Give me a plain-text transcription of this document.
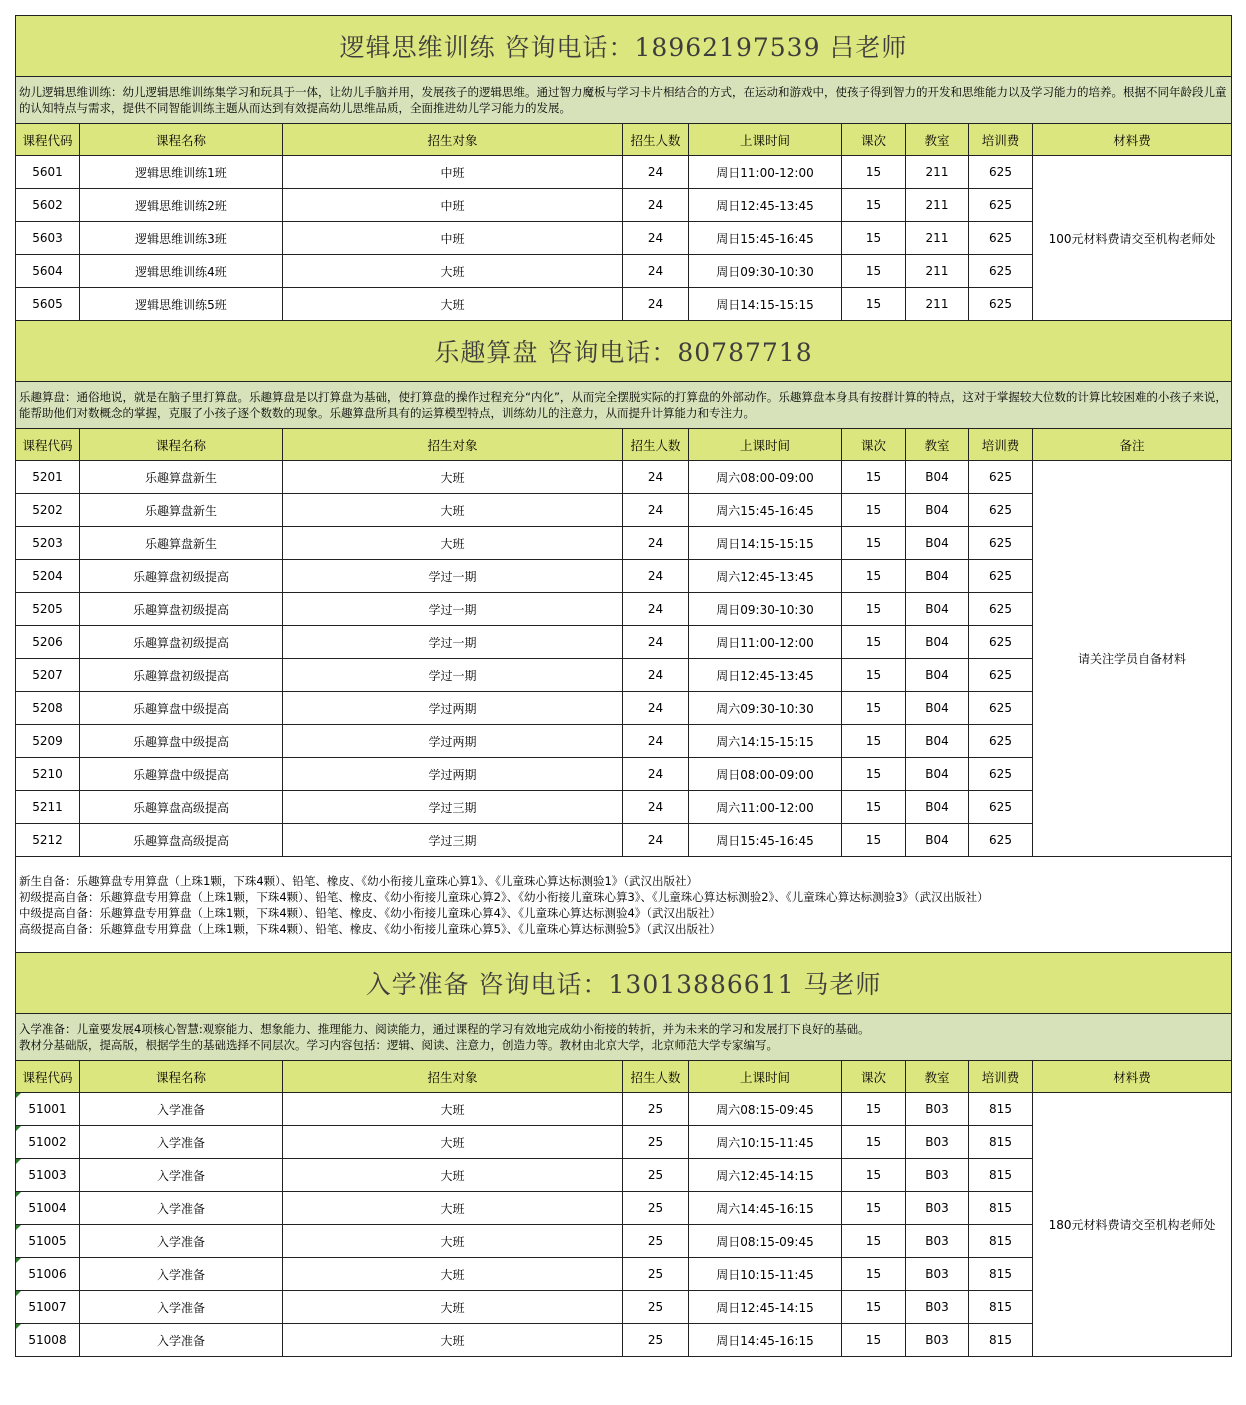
逻辑思维训练 咨询电话：18962197539 吕老师								
幼儿逻辑思维训练：幼儿逻辑思维训练集学习和玩具于一体，让幼儿手脑并用，发展孩子的逻辑思维。通过智力魔板与学习卡片相结合的方式，在运动和游戏中，使孩子得到智力的开发和思维能力以及学习能力的培养。根据不同年龄段儿童的认知特点与需求，提供不同智能训练主题从而达到有效提高幼儿思维品质，全面推进幼儿学习能力的发展。								
课程代码	课程名称	招生对象	招生人数	上课时间	课次	教室	培训费	材料费
5601	逻辑思维训练1班	中班	24	周日11:00-12:00	15	211	625	100元材料费请交至机构老师处
5602	逻辑思维训练2班	中班	24	周日12:45-13:45	15	211	625	
5603	逻辑思维训练3班	中班	24	周日15:45-16:45	15	211	625	
5604	逻辑思维训练4班	大班	24	周日09:30-10:30	15	211	625	
5605	逻辑思维训练5班	大班	24	周日14:15-15:15	15	211	625	
乐趣算盘 咨询电话：80787718								
乐趣算盘：通俗地说，就是在脑子里打算盘。乐趣算盘是以打算盘为基础，使打算盘的操作过程充分“内化”，从而完全摆脱实际的打算盘的外部动作。乐趣算盘本身具有按群计算的特点，这对于掌握较大位数的计算比较困难的小孩子来说，能帮助他们对数概念的掌握，克服了小孩子逐个数数的现象。乐趣算盘所具有的运算模型特点，训练幼儿的注意力，从而提升计算能力和专注力。								
课程代码	课程名称	招生对象	招生人数	上课时间	课次	教室	培训费	备注
5201	乐趣算盘新生	大班	24	周六08:00-09:00	15	B04	625	请关注学员自备材料
5202	乐趣算盘新生	大班	24	周六15:45-16:45	15	B04	625	
5203	乐趣算盘新生	大班	24	周日14:15-15:15	15	B04	625	
5204	乐趣算盘初级提高	学过一期	24	周六12:45-13:45	15	B04	625	
5205	乐趣算盘初级提高	学过一期	24	周日09:30-10:30	15	B04	625	
5206	乐趣算盘初级提高	学过一期	24	周日11:00-12:00	15	B04	625	
5207	乐趣算盘初级提高	学过一期	24	周日12:45-13:45	15	B04	625	
5208	乐趣算盘中级提高	学过两期	24	周六09:30-10:30	15	B04	625	
5209	乐趣算盘中级提高	学过两期	24	周六14:15-15:15	15	B04	625	
5210	乐趣算盘中级提高	学过两期	24	周日08:00-09:00	15	B04	625	
5211	乐趣算盘高级提高	学过三期	24	周六11:00-12:00	15	B04	625	
5212	乐趣算盘高级提高	学过三期	24	周日15:45-16:45	15	B04	625	

新生自备：乐趣算盘专用算盘（上珠1颗，下珠4颗）、铅笔、橡皮、《幼小衔接儿童珠心算1》、《儿童珠心算达标测验1》（武汉出版社）
初级提高自备：乐趣算盘专用算盘（上珠1颗，下珠4颗）、铅笔、橡皮、《幼小衔接儿童珠心算2》、《幼小衔接儿童珠心算3》、《儿童珠心算达标测验2》、《儿童珠心算达标测验3》（武汉出版社）
中级提高自备：乐趣算盘专用算盘（上珠1颗，下珠4颗）、铅笔、橡皮、《幼小衔接儿童珠心算4》、《儿童珠心算达标测验4》（武汉出版社）
高级提高自备：乐趣算盘专用算盘（上珠1颗，下珠4颗）、铅笔、橡皮、《幼小衔接儿童珠心算5》、《儿童珠心算达标测验5》（武汉出版社）								

入学准备 咨询电话：13013886611 马老师								

入学准备：儿童要发展4项核心智慧:观察能力、想象能力、推理能力、阅读能力，通过课程的学习有效地完成幼小衔接的转折，并为未来的学习和发展打下良好的基础。
教材分基础版，提高版，根据学生的基础选择不同层次。学习内容包括：逻辑、阅读、注意力，创造力等。教材由北京大学，北京师范大学专家编写。								

课程代码	课程名称	招生对象	招生人数	上课时间	课次	教室	培训费	材料费

51001	入学准备	大班	25	周六08:15-09:45	15	B03	815	180元材料费请交至机构老师处

51002	入学准备	大班	25	周六10:15-11:45	15	B03	815	

51003	入学准备	大班	25	周六12:45-14:15	15	B03	815	

51004	入学准备	大班	25	周六14:45-16:15	15	B03	815	

51005	入学准备	大班	25	周日08:15-09:45	15	B03	815	

51006	入学准备	大班	25	周日10:15-11:45	15	B03	815	

51007	入学准备	大班	25	周日12:45-14:15	15	B03	815	

51008	入学准备	大班	25	周日14:45-16:15	15	B03	815	
